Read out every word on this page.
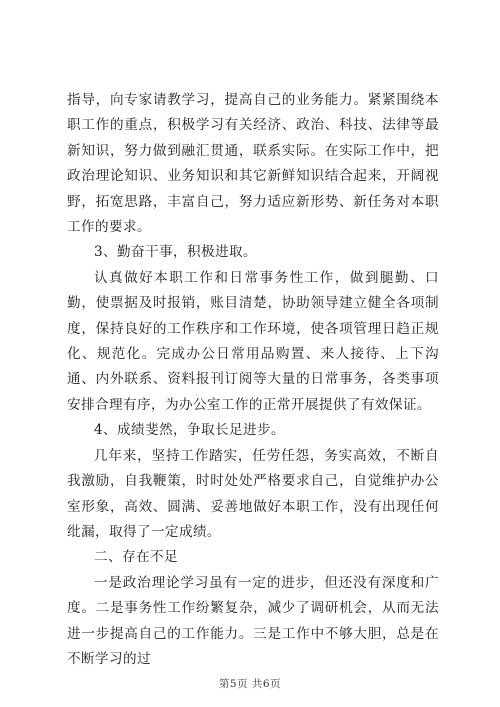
指导，向专家请教学习，提高自己的业务能力。紧紧围绕本职工作的重点，积极学习有关经济、政治、科技、法律等最新知识，努力做到融汇贯通，联系实际。在实际工作中，把政治理论知识、业务知识和其它新鲜知识结合起来，开阔视野，拓宽思路，丰富自己，努力适应新形势、新任务对本职工作的要求。

3、勤奋干事，积极进取。

认真做好本职工作和日常事务性工作，做到腿勤、口勤，使票据及时报销，账目清楚，协助领导建立健全各项制度，保持良好的工作秩序和工作环境，使各项管理日趋正规化、规范化。完成办公日常用品购置、来人接待、上下沟通、内外联系、资料报刊订阅等大量的日常事务，各类事项安排合理有序，为办公室工作的正常开展提供了有效保证。

4、成绩斐然，争取长足进步。

几年来，坚持工作踏实，任劳任怨，务实高效，不断自我激励，自我鞭策，时时处处严格要求自己，自觉维护办公室形象，高效、圆满、妥善地做好本职工作，没有出现任何纰漏，取得了一定成绩。

二、存在不足

一是政治理论学习虽有一定的进步，但还没有深度和广度。二是事务性工作纷繁复杂，减少了调研机会，从而无法进一步提高自己的工作能力。三是工作中不够大胆，总是在不断学习的过

第5页 共6页
